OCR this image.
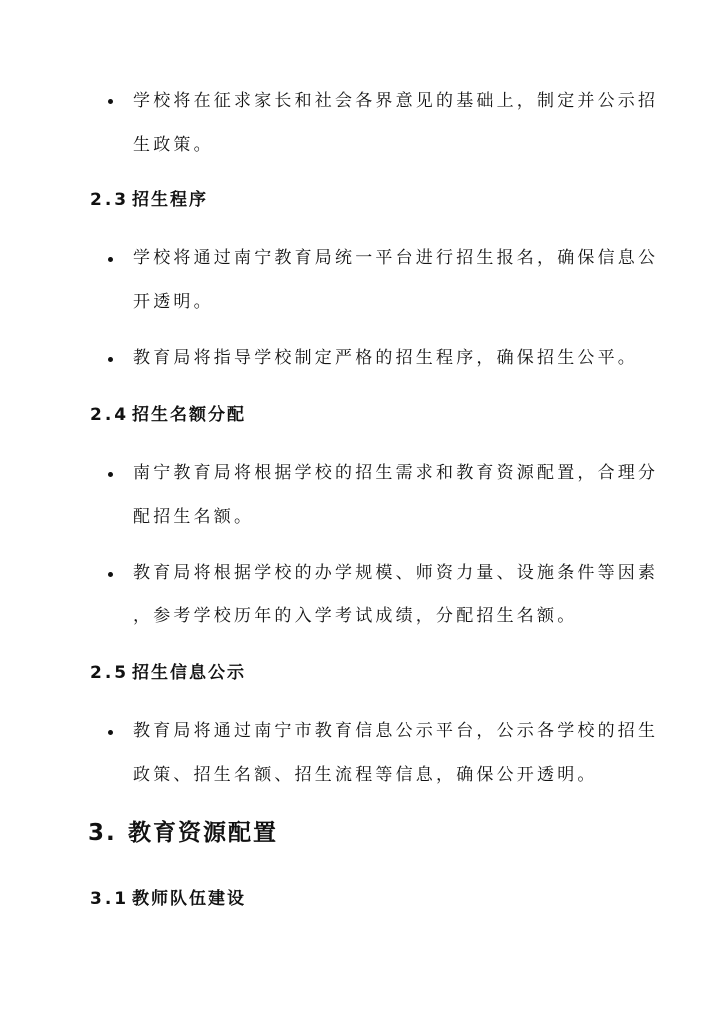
学校将在征求家长和社会各界意见的基础上，制定并公示招
生政策。
2.3 招生程序
学校将通过南宁教育局统一平台进行招生报名，确保信息公
开透明。
教育局将指导学校制定严格的招生程序，确保招生公平。
2.4 招生名额分配
南宁教育局将根据学校的招生需求和教育资源配置，合理分
配招生名额。
教育局将根据学校的办学规模、师资力量、设施条件等因素
，参考学校历年的入学考试成绩，分配招生名额。
2.5 招生信息公示
教育局将通过南宁市教育信息公示平台，公示各学校的招生
政策、招生名额、招生流程等信息，确保公开透明。
3. 教育资源配置
3.1 教师队伍建设
